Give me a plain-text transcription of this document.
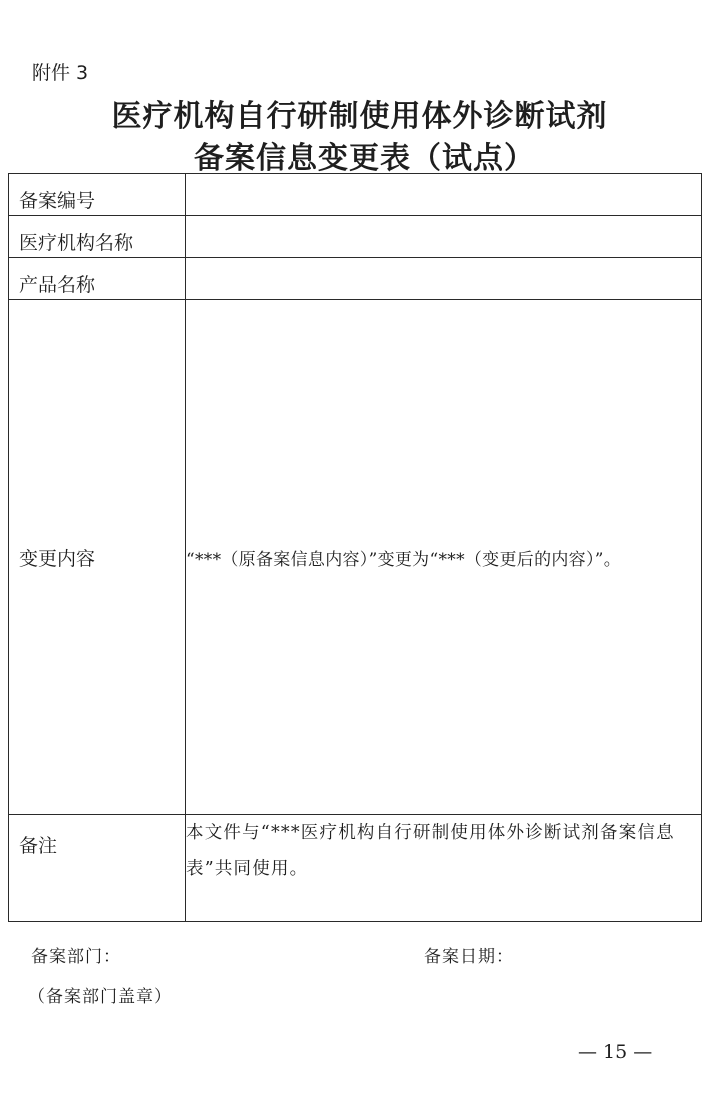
附件 3
医疗机构自行研制使用体外诊断试剂
备案信息变更表（试点）
备案编号	
医疗机构名称	
产品名称	
变更内容	“***（原备案信息内容）”变更为“***（变更后的内容）”。
备注	本文件与“***医疗机构自行研制使用体外诊断试剂备案信息表”共同使用。
备案部门：	备案日期：
（备案部门盖章）
— 15 —
